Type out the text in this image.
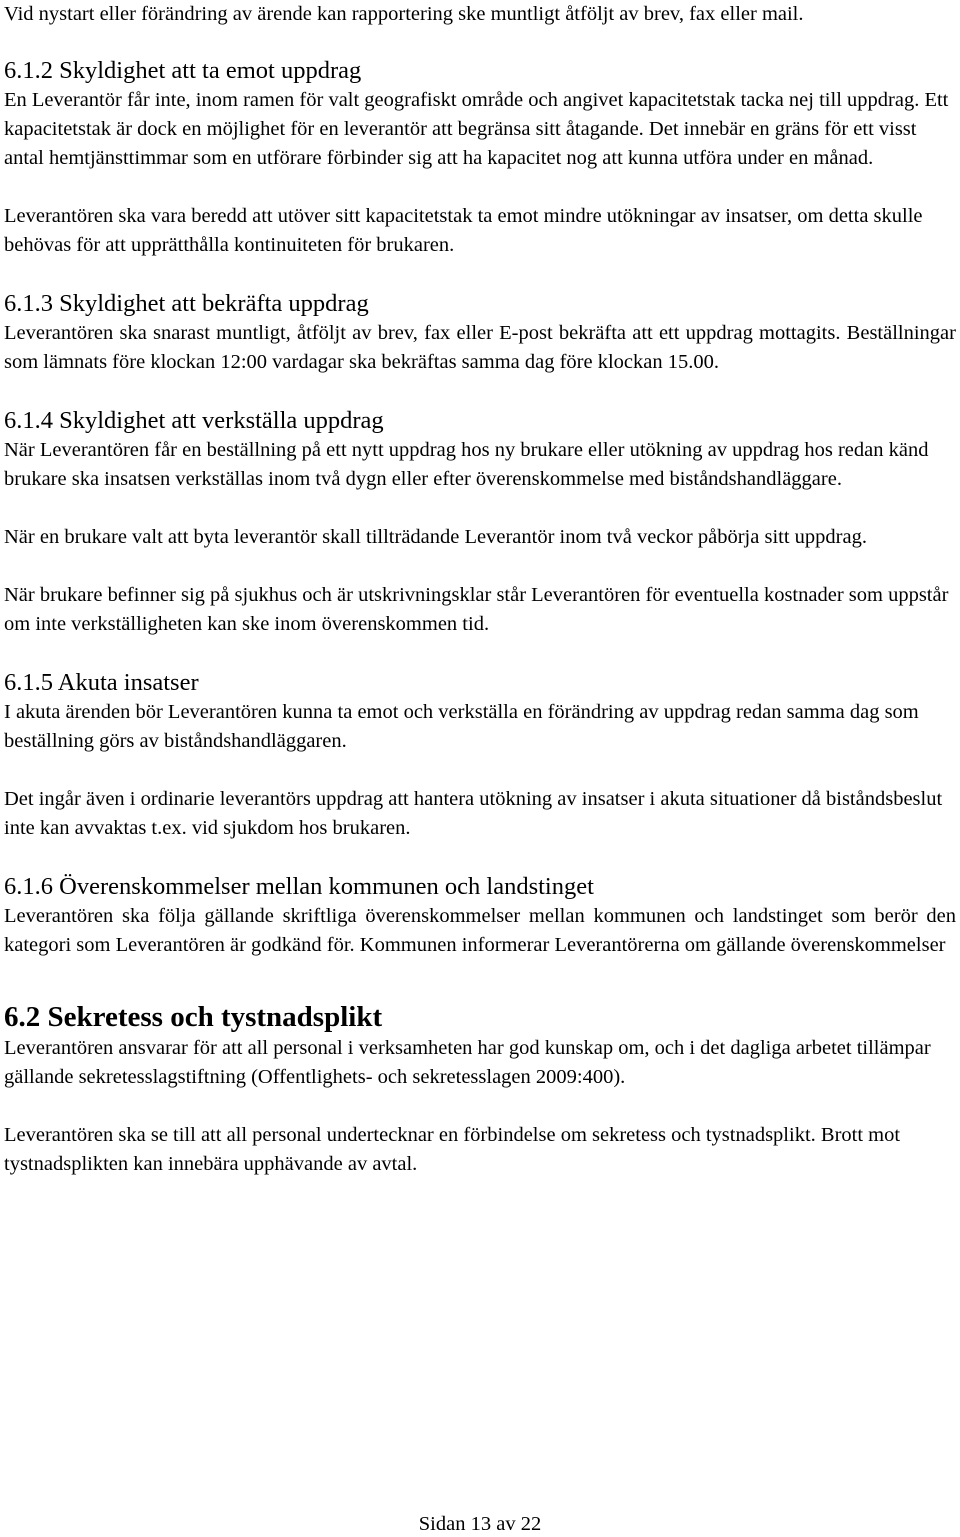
Vid nystart eller förändring av ärende kan rapportering ske muntligt åtföljt av brev, fax eller mail.

6.1.2 Skyldighet att ta emot uppdrag

En Leverantör får inte, inom ramen för valt geografiskt område och angivet kapacitetstak tacka nej till uppdrag. Ett kapacitetstak är dock en möjlighet för en leverantör att begränsa sitt åtagande. Det innebär en gräns för ett visst antal hemtjänsttimmar som en utförare förbinder sig att ha kapacitet nog att kunna utföra under en månad.

Leverantören ska vara beredd att utöver sitt kapacitetstak ta emot mindre utökningar av insatser, om detta skulle behövas för att upprätthålla kontinuiteten för brukaren.

6.1.3 Skyldighet att bekräfta uppdrag

Leverantören ska snarast muntligt, åtföljt av brev, fax eller E-post bekräfta att ett uppdrag mottagits. Beställningar som lämnats före klockan 12:00 vardagar ska bekräftas samma dag före klockan 15.00.

6.1.4 Skyldighet att verkställa uppdrag

När Leverantören får en beställning på ett nytt uppdrag hos ny brukare eller utökning av uppdrag hos redan känd brukare ska insatsen verkställas inom två dygn eller efter överenskommelse med biståndshandläggare.

När en brukare valt att byta leverantör skall tillträdande Leverantör inom två veckor påbörja sitt uppdrag.

När brukare befinner sig på sjukhus och är utskrivningsklar står Leverantören för eventuella kostnader som uppstår om inte verkställigheten kan ske inom överenskommen tid.

6.1.5 Akuta insatser

I akuta ärenden bör Leverantören kunna ta emot och verkställa en förändring av uppdrag redan samma dag som beställning görs av biståndshandläggaren.

Det ingår även i ordinarie leverantörs uppdrag att hantera utökning av insatser i akuta situationer då biståndsbeslut inte kan avvaktas t.ex. vid sjukdom hos brukaren.

6.1.6 Överenskommelser mellan kommunen och landstinget

Leverantören ska följa gällande skriftliga överenskommelser mellan kommunen och landstinget som berör den kategori som Leverantören är godkänd för. Kommunen informerar Leverantörerna om gällande överenskommelser

6.2 Sekretess och tystnadsplikt

Leverantören ansvarar för att all personal i verksamheten har god kunskap om, och i det dagliga arbetet tillämpar gällande sekretesslagstiftning (Offentlighets- och sekretesslagen 2009:400).

Leverantören ska se till att all personal undertecknar en förbindelse om sekretess och tystnadsplikt. Brott mot tystnadsplikten kan innebära upphävande av avtal.

Sidan 13 av 22
